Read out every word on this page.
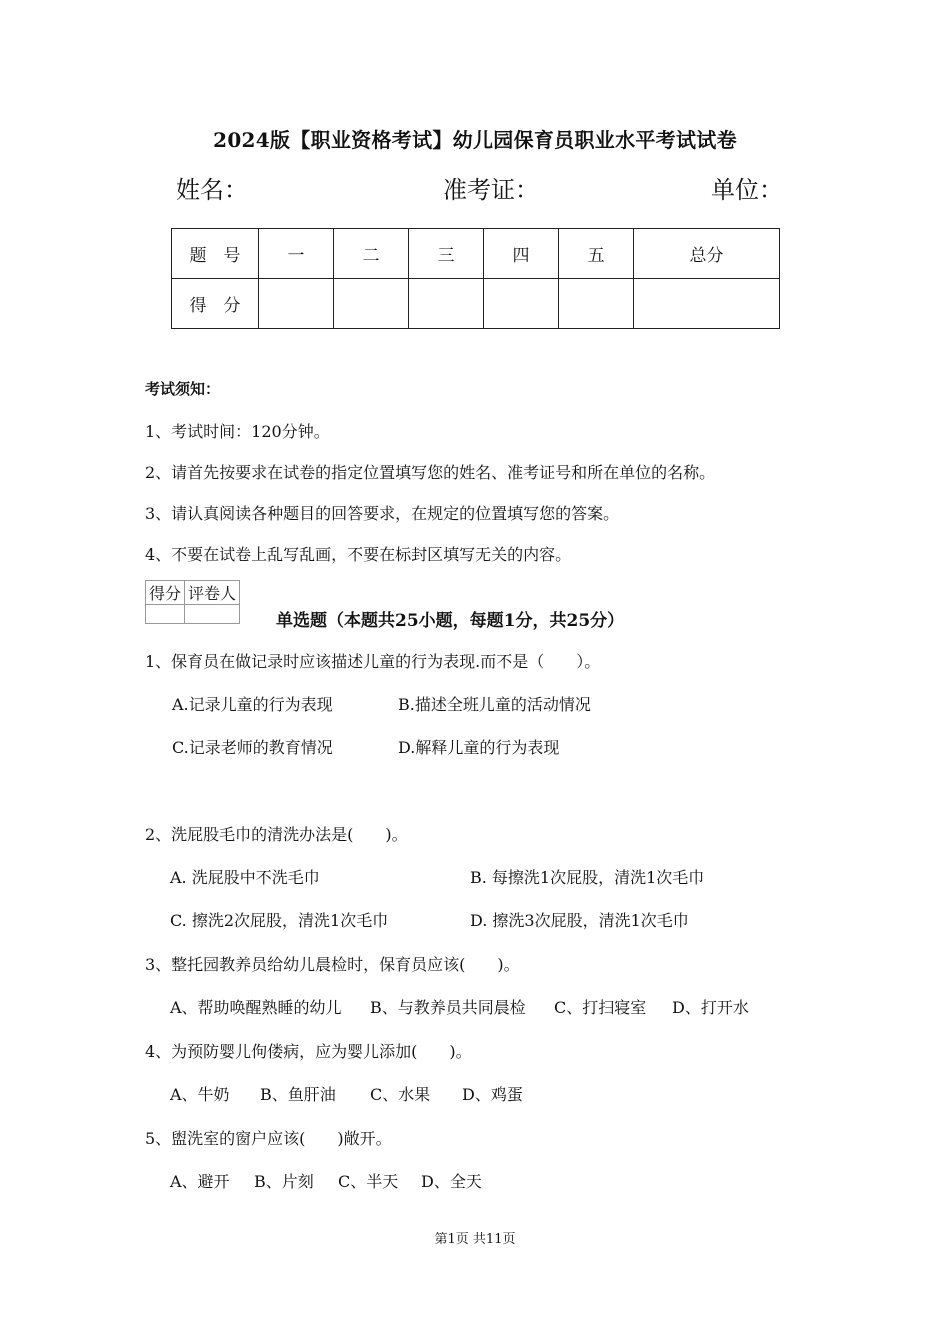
2024版【职业资格考试】幼儿园保育员职业水平考试试卷
姓名：	准考证：	单位：
题　号	一	二	三	四	五	总分
得　分						
考试须知：
1、考试时间：120分钟。
2、请首先按要求在试卷的指定位置填写您的姓名、准考证号和所在单位的名称。
3、请认真阅读各种题目的回答要求，在规定的位置填写您的答案。
4、不要在试卷上乱写乱画，不要在标封区填写无关的内容。
得分	评卷人

单选题（本题共25小题，每题1分，共25分）
1、保育员在做记录时应该描述儿童的行为表现.而不是（　　）。
A.记录儿童的行为表现	B.描述全班儿童的活动情况
C.记录老师的教育情况	D.解释儿童的行为表现
2、洗屁股毛巾的清洗办法是(　　)。
A. 洗屁股中不洗毛巾	B. 每擦洗1次屁股，清洗1次毛巾
C. 擦洗2次屁股，清洗1次毛巾	D. 擦洗3次屁股，清洗1次毛巾
3、整托园教养员给幼儿晨检时，保育员应该(　　)。
A、帮助唤醒熟睡的幼儿 B、与教养员共同晨检 C、打扫寝室 D、打开水
4、为预防婴儿佝偻病，应为婴儿添加(　　)。
A、牛奶 B、鱼肝油 C、水果 D、鸡蛋
5、盥洗室的窗户应该(　　)敞开。
A、避开 B、片刻 C、半天 D、全天
第1页 共11页
